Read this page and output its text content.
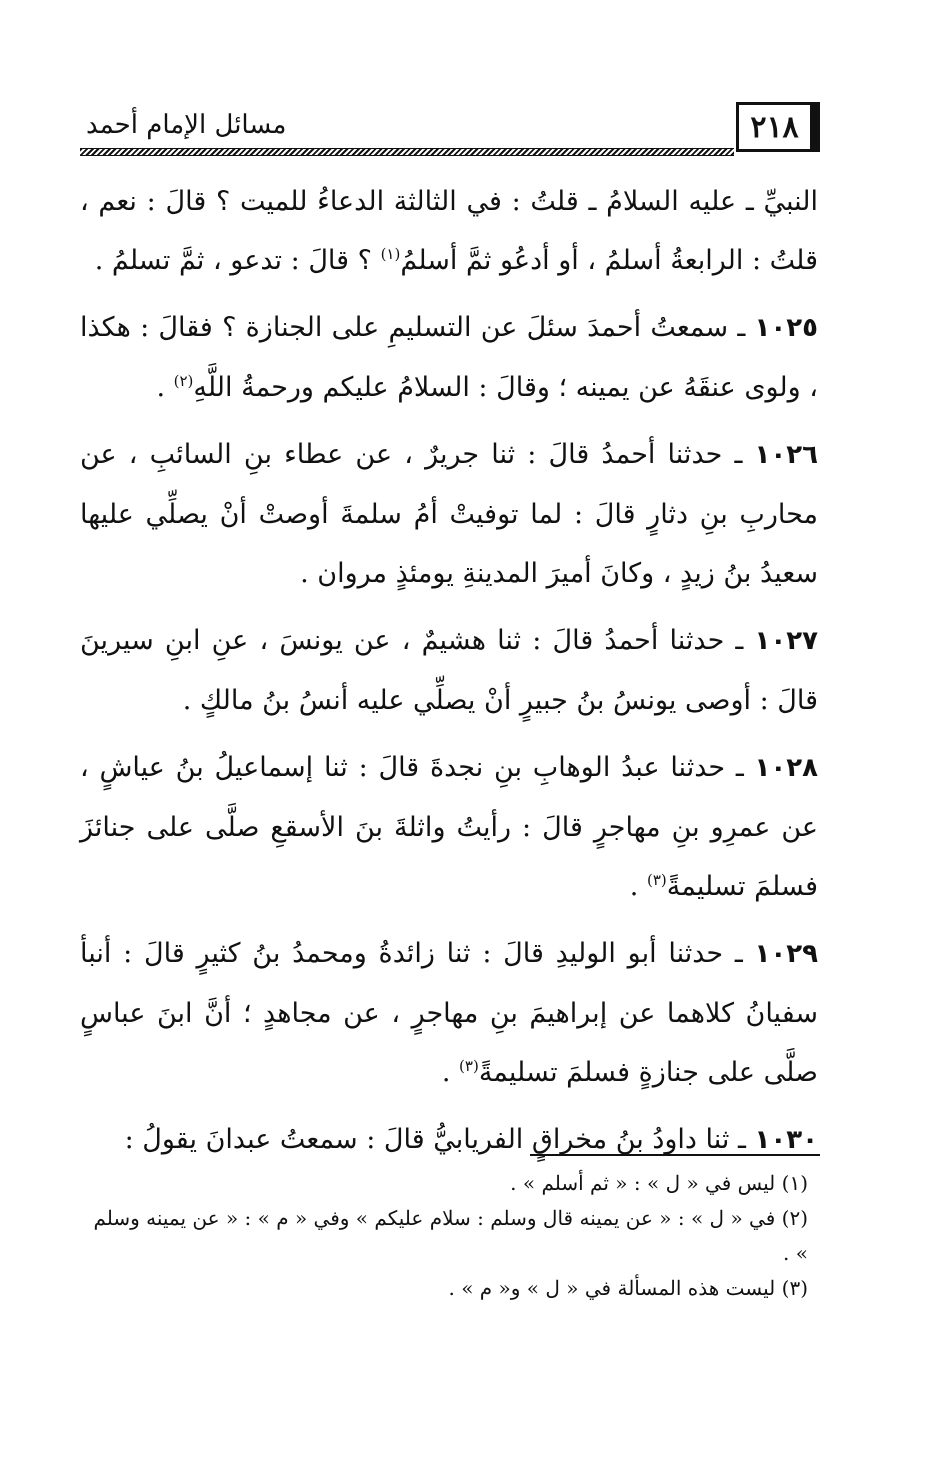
٢١٨
مسائل الإمام أحمد

النبيِّ ـ عليه السلامُ ـ قلتُ : في الثالثة الدعاءُ للميت ؟ قالَ : نعم ، قلتُ : الرابعةُ أسلمُ ، أو أدعُو ثمَّ أسلمُ$^{(١)}$ ؟ قالَ : تدعو ، ثمَّ تسلمُ .

١٠٢٥ ـ سمعتُ أحمدَ سئلَ عن التسليمِ على الجنازة ؟ فقالَ : هكذا ، ولوى عنقَهُ عن يمينه ؛ وقالَ : السلامُ عليكم ورحمةُ اللَّهِ$^{(٢)}$ .

١٠٢٦ ـ حدثنا أحمدُ قالَ : ثنا جريرٌ ، عن عطاء بنِ السائبِ ، عن محاربِ بنِ دثارٍ قالَ : لما توفيتْ أمُ سلمةَ أوصتْ أنْ يصلِّي عليها سعيدُ بنُ زيدٍ ، وكانَ أميرَ المدينةِ يومئذٍ مروان .

١٠٢٧ ـ حدثنا أحمدُ قالَ : ثنا هشيمٌ ، عن يونسَ ، عنِ ابنِ سيرينَ قالَ : أوصى يونسُ بنُ جبيرٍ أنْ يصلِّي عليه أنسُ بنُ مالكٍ .

١٠٢٨ ـ حدثنا عبدُ الوهابِ بنِ نجدةَ قالَ : ثنا إسماعيلُ بنُ عياشٍ ، عن عمرِو بنِ مهاجرٍ قالَ : رأيتُ واثلةَ بنَ الأسقعِ صلَّى على جنائزَ فسلمَ تسليمةً$^{(٣)}$ .

١٠٢٩ ـ حدثنا أبو الوليدِ قالَ : ثنا زائدةُ ومحمدُ بنُ كثيرٍ قالَ : أنبأ سفيانُ كلاهما عن إبراهيمَ بنِ مهاجرٍ ، عن مجاهدٍ ؛ أنَّ ابنَ عباسٍ صلَّى على جنازةٍ فسلمَ تسليمةً$^{(٣)}$ .

١٠٣٠ ـ ثنا داودُ بنُ مخراقٍ الفريابيُّ قالَ : سمعتُ عبدانَ يقولُ :

(١) ليس في « ل » : « ثم أسلم » .

(٢) في « ل » : « عن يمينه قال وسلم : سلام عليكم » وفي « م » : « عن يمينه وسلم » .

(٣) ليست هذه المسألة في « ل » و« م » .
